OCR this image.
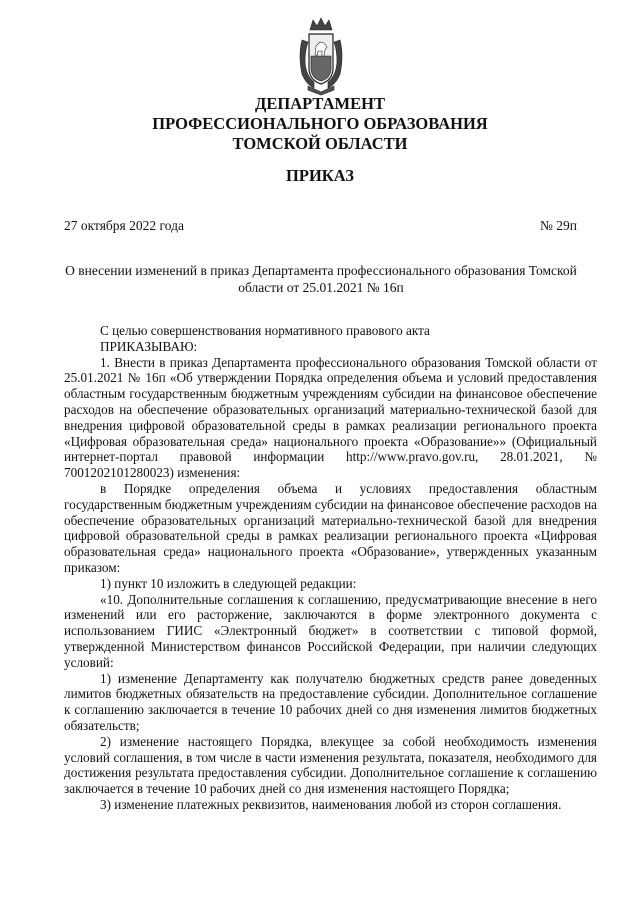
ДЕПАРТАМЕНТ
ПРОФЕССИОНАЛЬНОГО ОБРАЗОВАНИЯ
ТОМСКОЙ ОБЛАСТИ
ПРИКАЗ
27 октября 2022 года	№ 29п
О внесении изменений в приказ Департамента профессионального образования Томской области от 25.01.2021 № 16п

С целью совершенствования нормативного правового акта

ПРИКАЗЫВАЮ:

1. Внести в приказ Департамента профессионального образования Томской области от 25.01.2021 № 16п «Об утверждении Порядка определения объема и условий предоставления областным государственным бюджетным учреждениям субсидии на финансовое обеспечение расходов на обеспечение образовательных организаций материально-технической базой для внедрения цифровой образовательной среды в рамках реализации регионального проекта «Цифровая образовательная среда» национального проекта «Образование»» (Официальный интернет-портал правовой информации http://www.pravo.gov.ru, 28.01.2021, № 7001202101280023) изменения:

в Порядке определения объема и условиях предоставления областным государственным бюджетным учреждениям субсидии на финансовое обеспечение расходов на обеспечение образовательных организаций материально-технической базой для внедрения цифровой образовательной среды в рамках реализации регионального проекта «Цифровая образовательная среда» национального проекта «Образование», утвержденных указанным приказом:

1) пункт 10 изложить в следующей редакции:

«10. Дополнительные соглашения к соглашению, предусматривающие внесение в него изменений или его расторжение, заключаются в форме электронного документа с использованием ГИИС «Электронный бюджет» в соответствии с типовой формой, утвержденной Министерством финансов Российской Федерации, при наличии следующих условий:

1) изменение Департаменту как получателю бюджетных средств ранее доведенных лимитов бюджетных обязательств на предоставление субсидии. Дополнительное соглашение к соглашению заключается в течение 10 рабочих дней со дня изменения лимитов бюджетных обязательств;

2) изменение настоящего Порядка, влекущее за собой необходимость изменения условий соглашения, в том числе в части изменения результата, показателя, необходимого для достижения результата предоставления субсидии. Дополнительное соглашение к соглашению заключается в течение 10 рабочих дней со дня изменения настоящего Порядка;

3) изменение платежных реквизитов, наименования любой из сторон соглашения.
